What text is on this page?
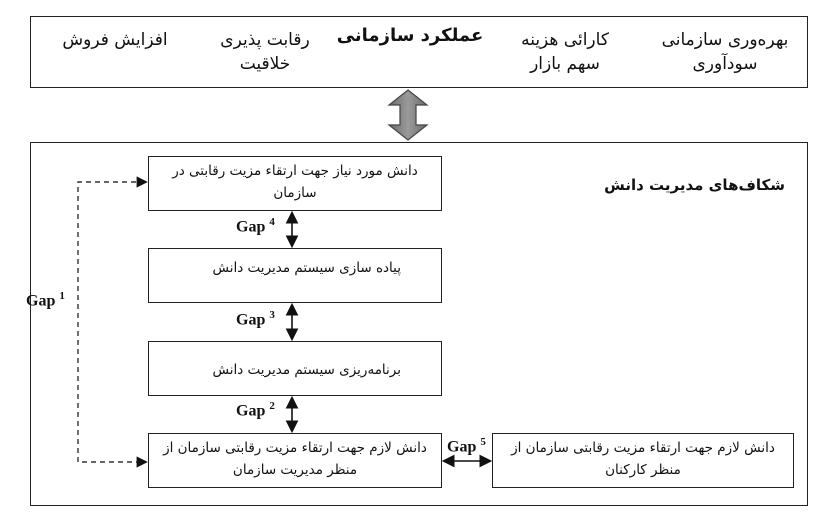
بهره‌وری سازمانی
سودآوری
کارائی هزینه
سهم بازار
عملکرد سازمانی
رقابت پذیری
خلاقیت
افزایش فروش
شکاف‌های مدیریت دانش
دانش مورد نیاز جهت ارتقاء مزیت رقابتی در سازمان
پیاده سازی سیستم مدیریت دانش
برنامه‌ریزی سیستم مدیریت دانش
دانش لازم جهت ارتقاء مزیت رقابتی سازمان از منظر مدیریت سازمان
دانش لازم جهت ارتقاء مزیت رقابتی سازمان از منظر کارکنان
Gap $^4$
Gap $^3$
Gap $^2$
Gap $^1$
Gap $^5$
